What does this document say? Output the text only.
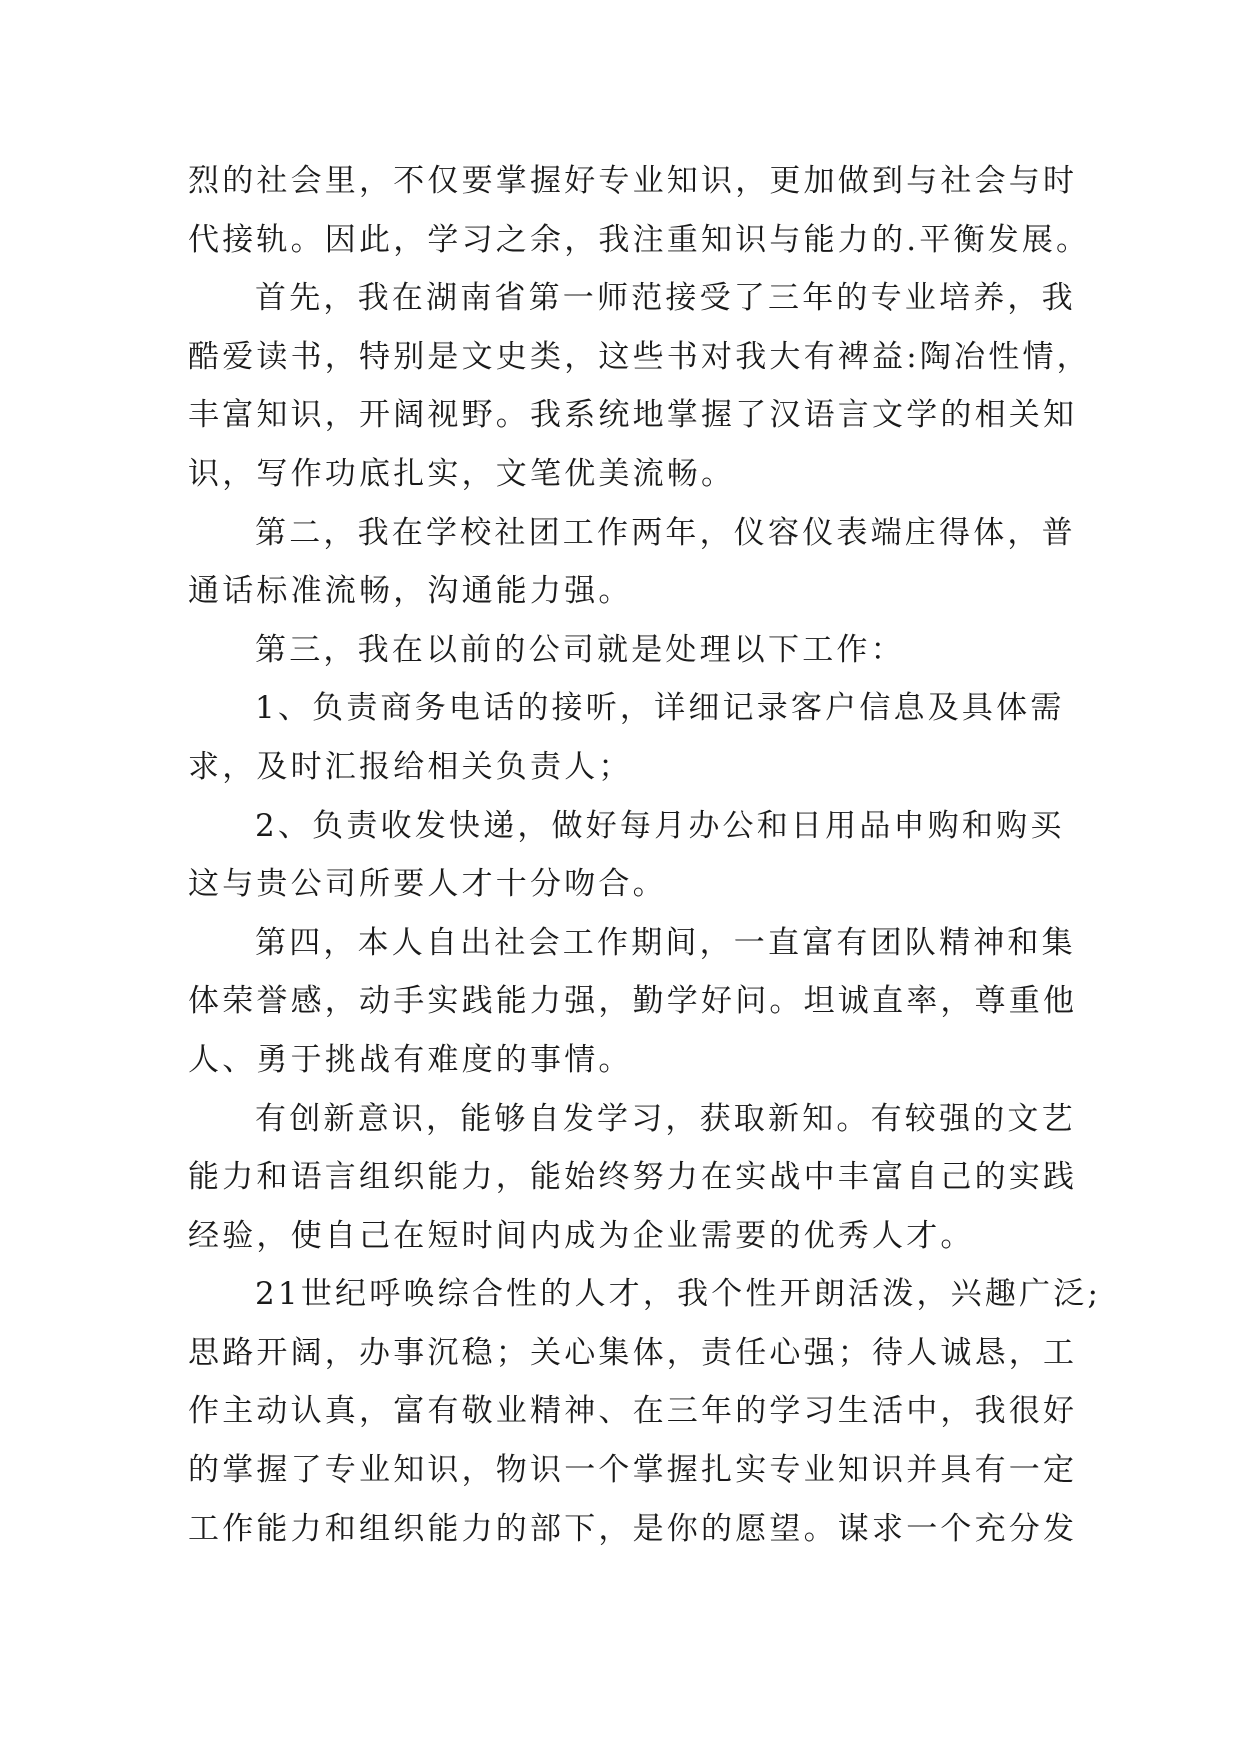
烈的社会里，不仅要掌握好专业知识，更加做到与社会与时
代接轨。因此，学习之余，我注重知识与能力的.平衡发展。
首先，我在湖南省第一师范接受了三年的专业培养，我
酷爱读书，特别是文史类，这些书对我大有裨益:陶冶性情，
丰富知识，开阔视野。我系统地掌握了汉语言文学的相关知
识，写作功底扎实，文笔优美流畅。
第二，我在学校社团工作两年，仪容仪表端庄得体，普
通话标准流畅，沟通能力强。
第三，我在以前的公司就是处理以下工作：
1、负责商务电话的接听，详细记录客户信息及具体需
求，及时汇报给相关负责人；
2、负责收发快递，做好每月办公和日用品申购和购买
这与贵公司所要人才十分吻合。
第四，本人自出社会工作期间，一直富有团队精神和集
体荣誉感，动手实践能力强，勤学好问。坦诚直率，尊重他
人、勇于挑战有难度的事情。
有创新意识，能够自发学习，获取新知。有较强的文艺
能力和语言组织能力，能始终努力在实战中丰富自己的实践
经验，使自己在短时间内成为企业需要的优秀人才。
21世纪呼唤综合性的人才，我个性开朗活泼，兴趣广泛;
思路开阔，办事沉稳；关心集体，责任心强；待人诚恳，工
作主动认真，富有敬业精神、在三年的学习生活中，我很好
的掌握了专业知识，物识一个掌握扎实专业知识并具有一定
工作能力和组织能力的部下，是你的愿望。谋求一个充分发
